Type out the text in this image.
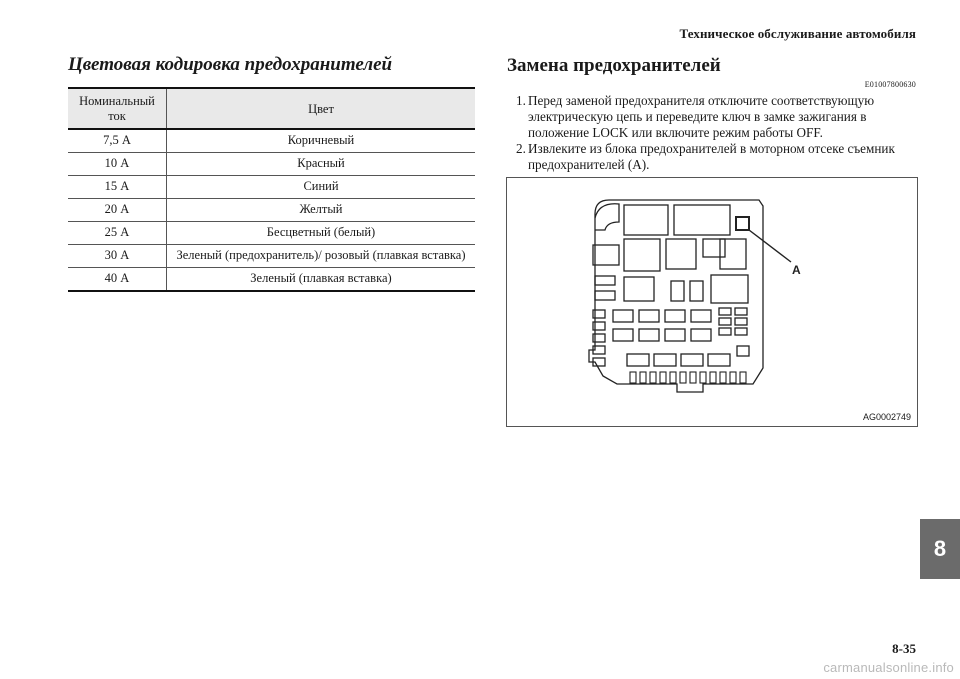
Техническое обслуживание автомобиля
Цветовая кодировка предохранителей
Номинальный ток	Цвет
7,5 А	Коричневый
10 А	Красный
15 А	Синий
20 А	Желтый
25 А	Бесцветный (белый)
30 А	Зеленый (предохранитель)/ розовый (плавкая вставка)
40 А	Зеленый (плавкая вставка)
Замена предохранителей
E01007800630
1. Перед заменой предохранителя отключите соответствующую электрическую цепь и переведите ключ в замке зажигания в положение LOCK или включите режим работы OFF.
2. Извлеките из блока предохранителей в моторном отсеке съемник предохранителей (А).
A
AG0002749
8
8-35
carmanualsonline.info
